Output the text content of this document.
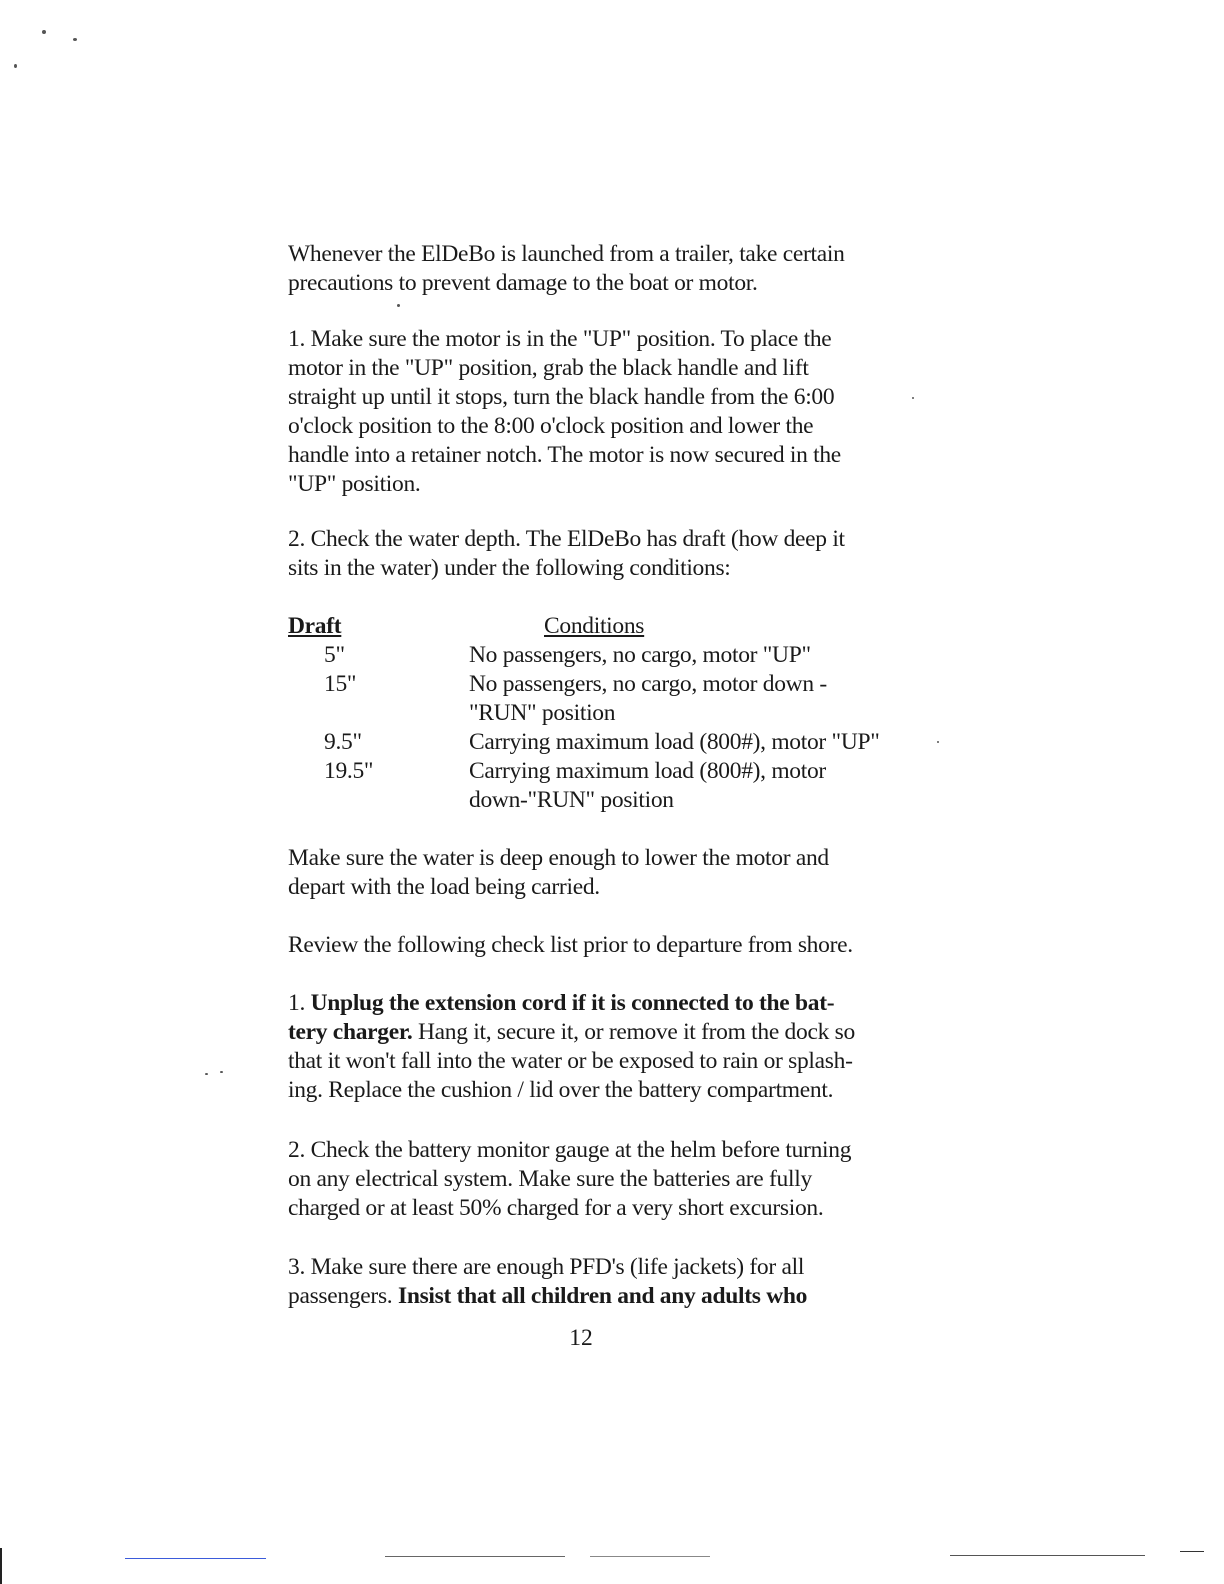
Whenever the ElDeBo is launched from a trailer, take certain
precautions to prevent damage to the boat or motor.
1. Make sure the motor is in the "UP" position. To place the
motor in the "UP" position, grab the black handle and lift
straight up until it stops, turn the black handle from the 6:00
o'clock position to the 8:00 o'clock position and lower the
handle into a retainer notch. The motor is now secured in the
"UP" position.
2. Check the water depth. The ElDeBo has draft (how deep it
sits in the water) under the following conditions:
Draft	Conditions
5"	No passengers, no cargo, motor "UP"
15"	No passengers, no cargo, motor down -
"RUN" position
9.5"	Carrying maximum load (800#), motor "UP"
19.5"	Carrying maximum load (800#), motor
down-"RUN" position
Make sure the water is deep enough to lower the motor and
depart with the load being carried.
Review the following check list prior to departure from shore.
1. Unplug the extension cord if it is connected to the bat-
tery charger. Hang it, secure it, or remove it from the dock so
that it won't fall into the water or be exposed to rain or splash-
ing. Replace the cushion / lid over the battery compartment.
2. Check the battery monitor gauge at the helm before turning
on any electrical system. Make sure the batteries are fully
charged or at least 50% charged for a very short excursion.
3. Make sure there are enough PFD's (life jackets) for all
passengers. Insist that all children and any adults who
12
